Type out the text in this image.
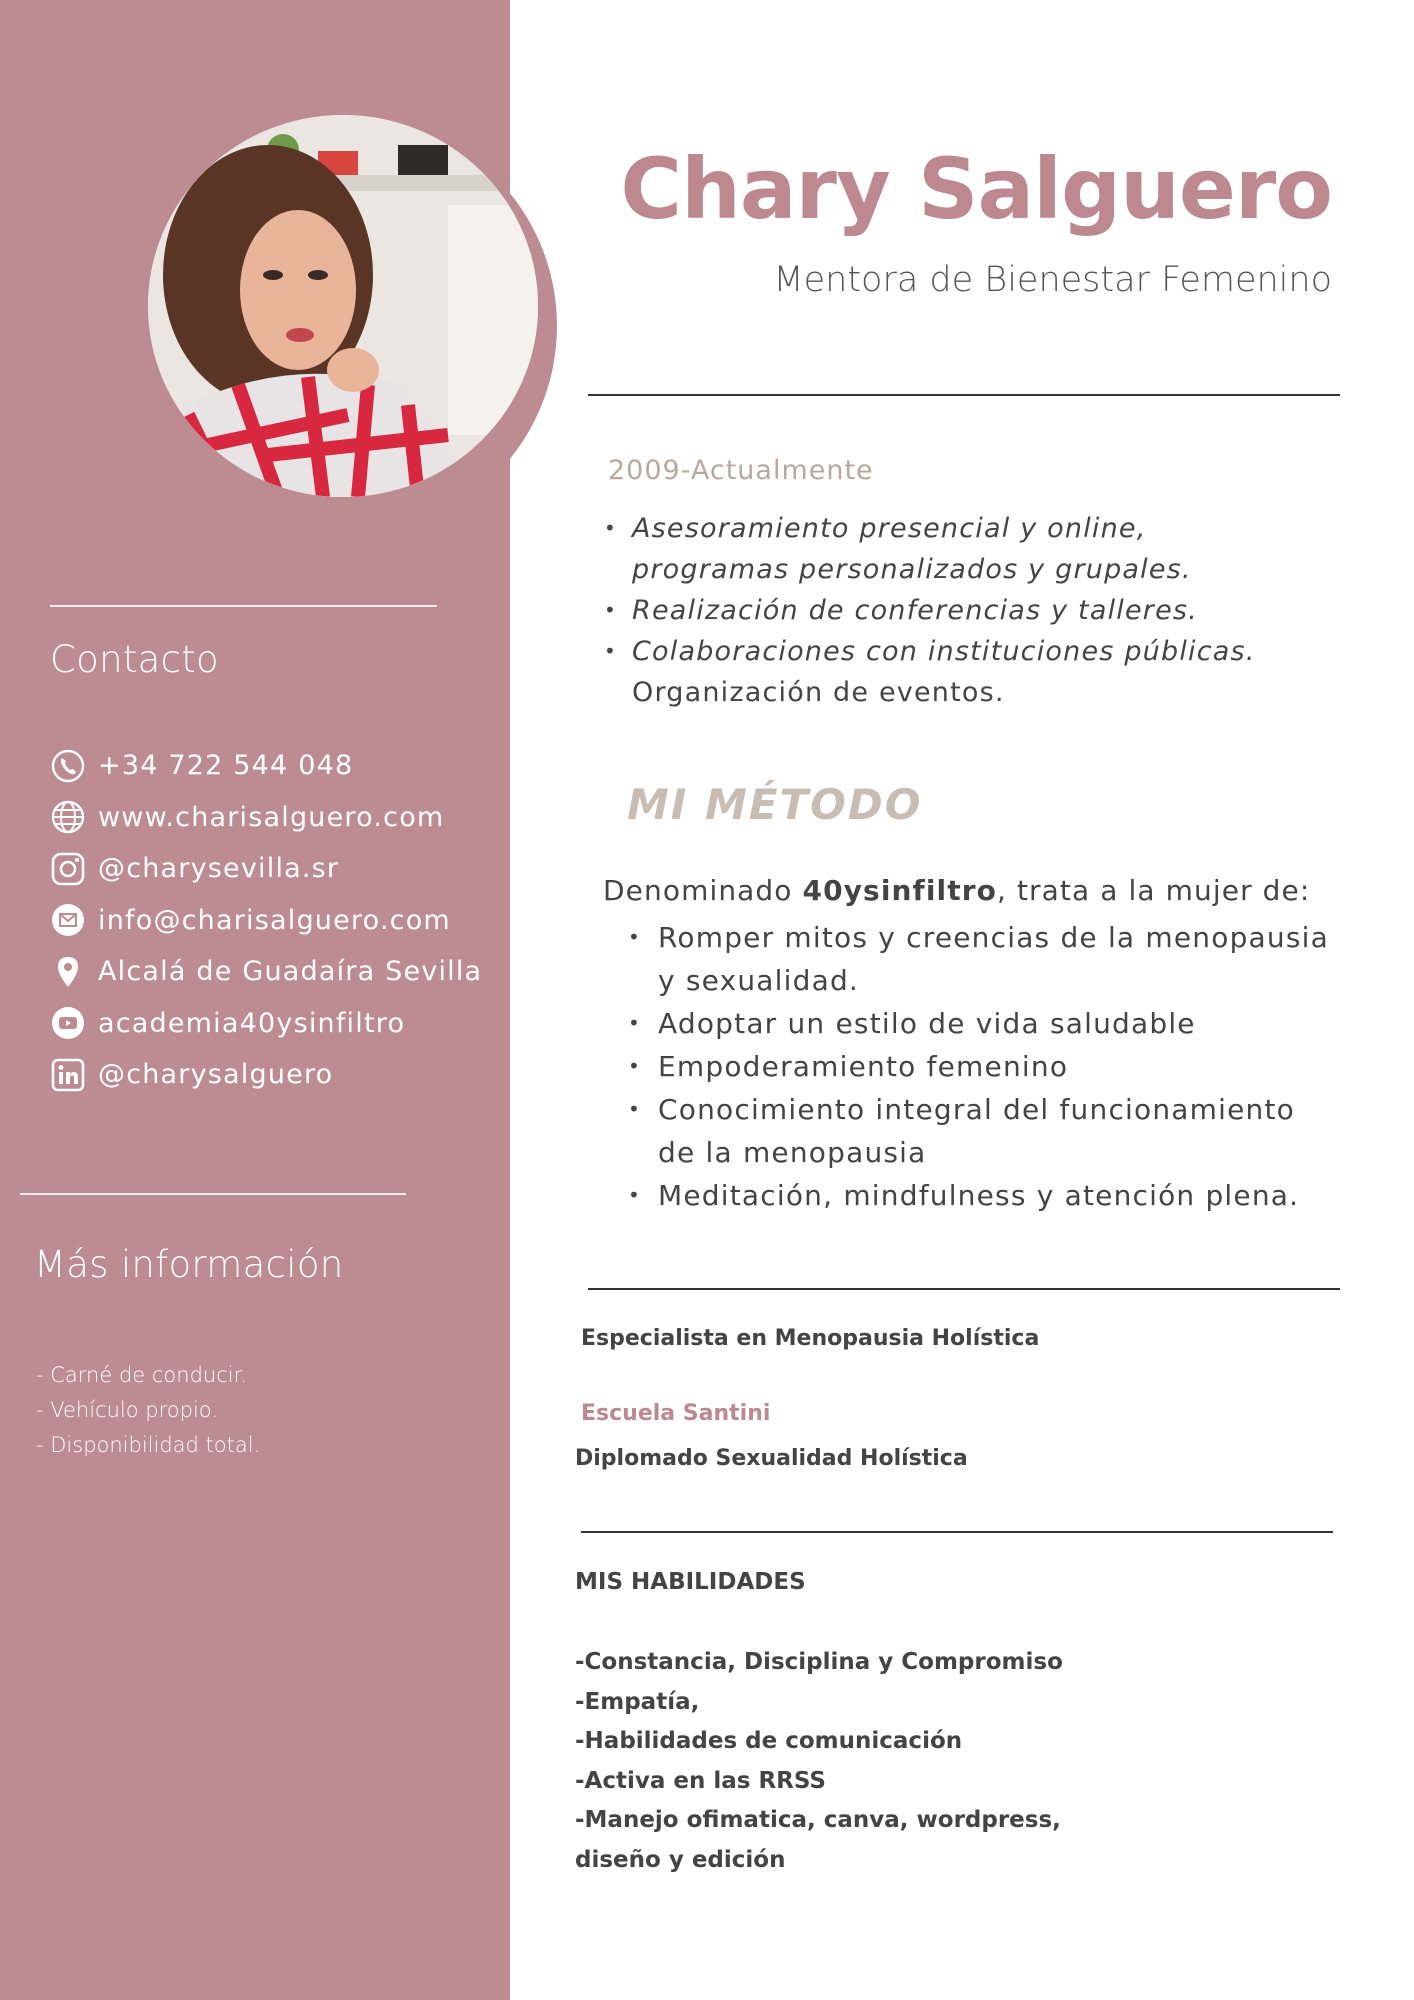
Contacto
+34 722 544 048
www.charisalguero.com
@charysevilla.sr
info@charisalguero.com
Alcalá de Guadaíra Sevilla
academia40ysinfiltro
@charysalguero
Más información
- Carné de conducir.
- Vehículo propio.
- Disponibilidad total.
Chary Salguero
Mentora de Bienestar Femenino
2009-Actualmente
• Asesoramiento presencial y online,
programas personalizados y grupales.
• Realización de conferencias y talleres.
• Colaboraciones con instituciones públicas.
Organización de eventos.
MI MÉTODO
Denominado 40ysinfiltro, trata a la mujer de:
• Romper mitos y creencias de la menopausia
y sexualidad.
• Adoptar un estilo de vida saludable
• Empoderamiento femenino
• Conocimiento integral del funcionamiento
de la menopausia
• Meditación, mindfulness y atención plena.
Especialista en Menopausia Holística
Escuela Santini
Diplomado Sexualidad Holística
MIS HABILIDADES
-Constancia, Disciplina y Compromiso
-Empatía,
-Habilidades de comunicación
-Activa en las RRSS
-Manejo ofimatica, canva, wordpress,
diseño y edición
